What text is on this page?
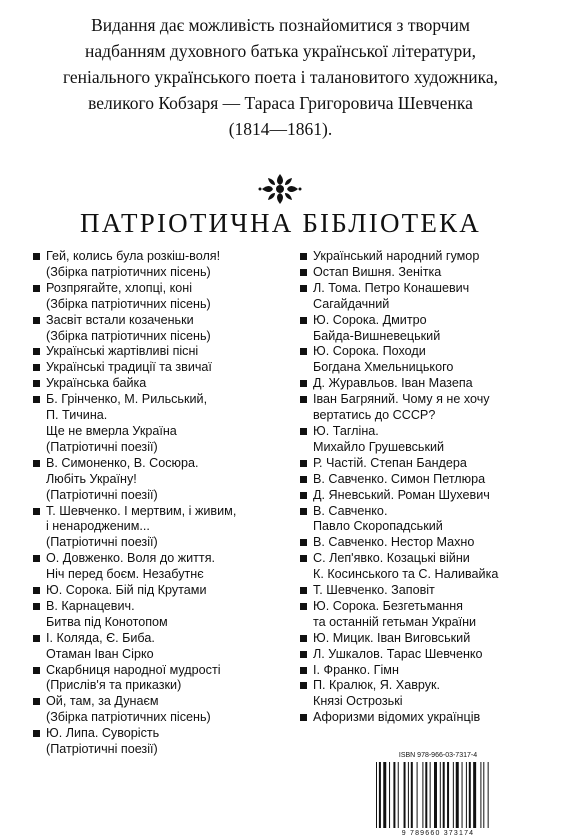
Видання дає можливість познайомитися з творчим
надбанням духовного батька української літератури,
геніального українського поета і талановитого художника,
великого Кобзаря — Тараса Григоровича Шевченка
(1814—1861).
ПАТРІОТИЧНА БІБЛІОТЕКА
Гей, колись була розкіш-воля!
(Збірка патріотичних пісень)
Розпрягайте, хлопці, коні
(Збірка патріотичних пісень)
Засвіт встали козаченьки
(Збірка патріотичних пісень)
Українські жартівливі пісні
Українські традиції та звичаї
Українська байка
Б. Грінченко, М. Рильський,
П. Тичина.
Ще не вмерла Україна
(Патріотичні поезії)
В. Симоненко, В. Сосюра.
Любіть Україну!
(Патріотичні поезії)
Т. Шевченко. І мертвим, і живим,
і ненародженим...
(Патріотичні поезії)
О. Довженко. Воля до життя.
Ніч перед боєм. Незабутнє
Ю. Сорока. Бій під Крутами
В. Карнацевич.
Битва під Конотопом
І. Коляда, Є. Биба.
Отаман Іван Сірко
Скарбниця народної мудрості
(Прислів'я та приказки)
Ой, там, за Дунаєм
(Збірка патріотичних пісень)
Ю. Липа. Суворість
(Патріотичні поезії)
Український народний гумор
Остап Вишня. Зенітка
Л. Тома. Петро Конашевич
Сагайдачний
Ю. Сорока. Дмитро
Байда-Вишневецький
Ю. Сорока. Походи
Богдана Хмельницького
Д. Журавльов. Іван Мазепа
Іван Багряний. Чому я не хочу
вертатись до СССР?
Ю. Тагліна.
Михайло Грушевський
Р. Частій. Степан Бандера
В. Савченко. Симон Петлюра
Д. Яневський. Роман Шухевич
В. Савченко.
Павло Скоропадський
В. Савченко. Нестор Махно
С. Леп'явко. Козацькі війни
К. Косинського та С. Наливайка
Т. Шевченко. Заповіт
Ю. Сорока. Безгетьмання
та останній гетьман України
Ю. Мицик. Іван Виговський
Л. Ушкалов. Тарас Шевченко
І. Франко. Гімн
П. Кралюк, Я. Хаврук.
Князі Острозькі
Афоризми відомих українців
ISBN 978-966-03-7317-4
9 789660 373174
